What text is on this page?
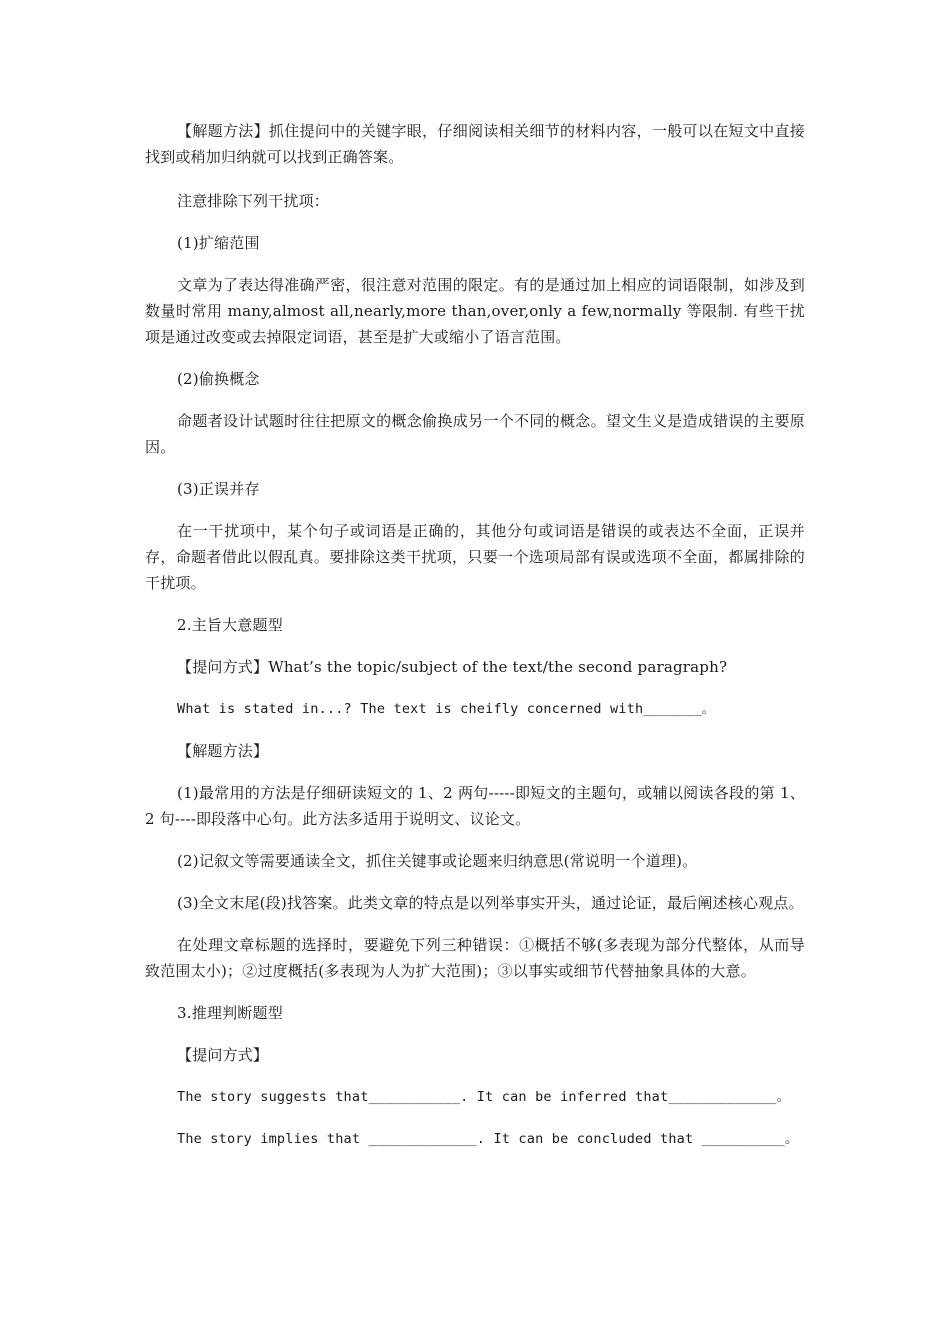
【解题方法】抓住提问中的关键字眼，仔细阅读相关细节的材料内容，一般可以在短文中直接找到或稍加归纳就可以找到正确答案。

注意排除下列干扰项：

(1)扩缩范围

文章为了表达得准确严密，很注意对范围的限定。有的是通过加上相应的词语限制，如涉及到数量时常用 many,almost all,nearly,more than,over,only a few,normally 等限制. 有些干扰项是通过改变或去掉限定词语，甚至是扩大或缩小了语言范围。

(2)偷换概念

命题者设计试题时往往把原文的概念偷换成另一个不同的概念。望文生义是造成错误的主要原因。

(3)正误并存

在一干扰项中，某个句子或词语是正确的，其他分句或词语是错误的或表达不全面，正误并存，命题者借此以假乱真。要排除这类干扰项，只要一个选项局部有误或选项不全面，都属排除的干扰项。

2.主旨大意题型

【提问方式】What’s the topic/subject of the text/the second paragraph?

What is stated in...? The text is cheifly concerned with_______。

【解题方法】

(1)最常用的方法是仔细研读短文的 1、2 两句-----即短文的主题句，或辅以阅读各段的第 1、2 句----即段落中心句。此方法多适用于说明文、议论文。

(2)记叙文等需要通读全文，抓住关键事或论题来归纳意思(常说明一个道理)。

(3)全文末尾(段)找答案。此类文章的特点是以列举事实开头，通过论证，最后阐述核心观点。

在处理文章标题的选择时，要避免下列三种错误：①概括不够(多表现为部分代整体，从而导致范围太小)；②过度概括(多表现为人为扩大范围)；③以事实或细节代替抽象具体的大意。

3.推理判断题型

【提问方式】

The story suggests that___________. It can be inferred that_____________。

The story implies that _____________. It can be concluded that __________。
